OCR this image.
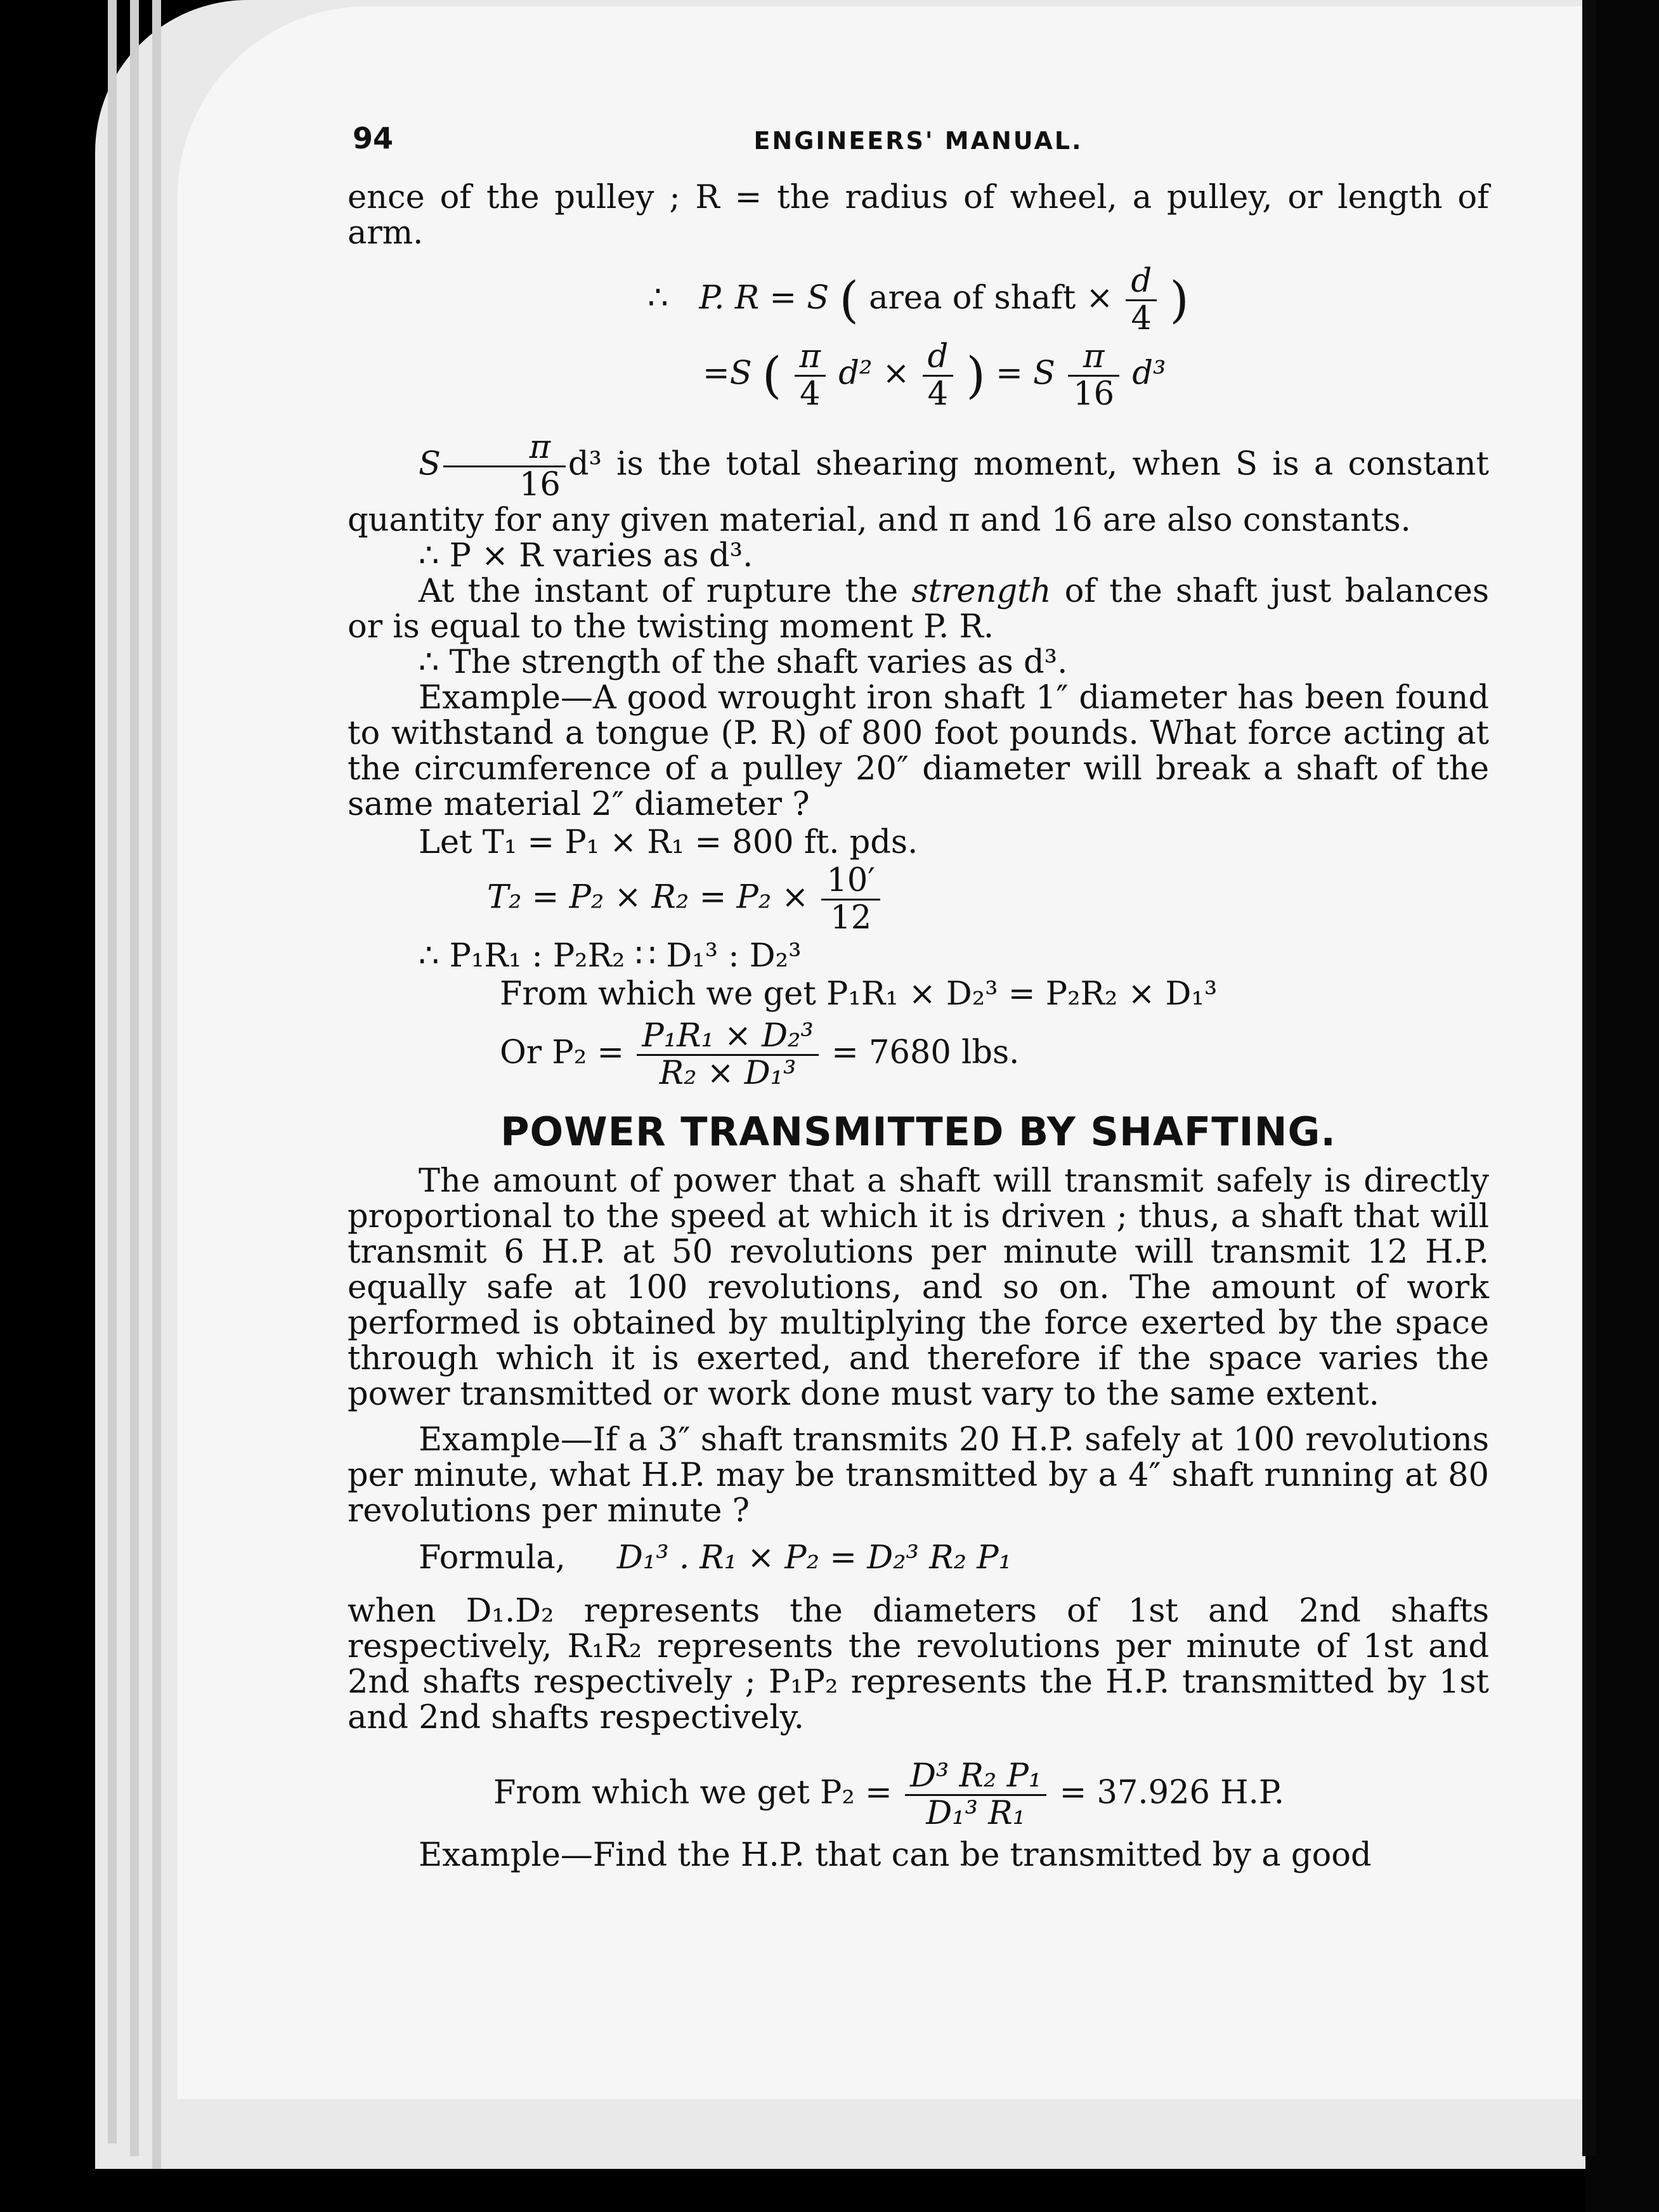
94	ENGINEERS' MANUAL.

ence of the pulley ; R = the radius of wheel, a pulley, or length of arm.

∴ P. R = S ( area of shaft × $\frac{d}{4}$ )
=S ( $\frac{\pi}{4} d^2 \times \frac{d}{4}$ ) = S $\frac{\pi}{16} d^3$

S $\frac{\pi}{16} d^3$ is the total shearing moment, when S is a constant quantity for any given material, and π and 16 are also constants.

∴ P × R varies as d³.

At the instant of rupture the strength of the shaft just balances or is equal to the twisting moment P. R.

∴ The strength of the shaft varies as d³.

Example—A good wrought iron shaft 1″ diameter has been found to withstand a tongue (P. R) of 800 foot pounds. What force acting at the circumference of a pulley 20″ diameter will break a shaft of the same material 2″ diameter ?

Let T₁ = P₁ × R₁ = 800 ft. pds.

$T_2 = P_2 \times R_2 = P_2 \times \frac{10'}{12}$

∴ P₁R₁ : P₂R₂ ∷ D₁³ : D₂³

From which we get P₁R₁ × D₂³ = P₂R₂ × D₁³

Or $P_2 = \frac{\text{P₁R₁ × D₂³}}{\text{R₂ × D₁³}} = 7680$ lbs.
POWER TRANSMITTED BY SHAFTING.

The amount of power that a shaft will transmit safely is directly proportional to the speed at which it is driven ; thus, a shaft that will transmit 6 H.P. at 50 revolutions per minute will transmit 12 H.P. equally safe at 100 revolutions, and so on. The amount of work performed is obtained by multiplying the force exerted by the space through which it is exerted, and therefore if the space varies the power transmitted or work done must vary to the same extent.

Example—If a 3″ shaft transmits 20 H.P. safely at 100 revolutions per minute, what H.P. may be transmitted by a 4″ shaft running at 80 revolutions per minute ?

Formula, D₁³ . R₁ × P₂ = D₂³ R₂ P₁

when D₁.D₂ represents the diameters of 1st and 2nd shafts respectively, R₁R₂ represents the revolutions per minute of 1st and 2nd shafts respectively ; P₁P₂ represents the H.P. transmitted by 1st and 2nd shafts respectively.

From which we get $P_2 = \frac{\text{D³ R₂ P₁}}{\text{D₁³ R₁}} = 37.926$ H.P.

Example—Find the H.P. that can be transmitted by a good
